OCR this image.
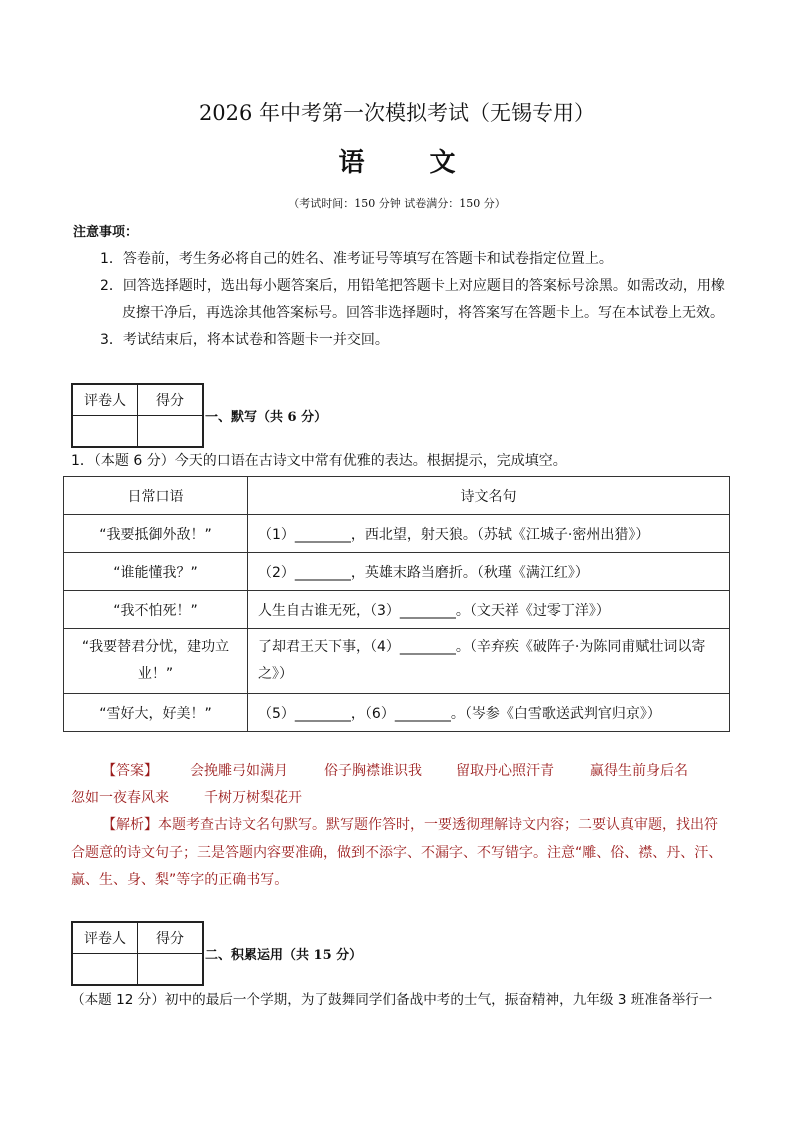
2026 年中考第一次模拟考试（无锡专用）
语 文
（考试时间：150 分钟 试卷满分：150 分）
注意事项：
1．答卷前，考生务必将自己的姓名、准考证号等填写在答题卡和试卷指定位置上。
2．回答选择题时，选出每小题答案后，用铅笔把答题卡上对应题目的答案标号涂黑。如需改动，用橡
皮擦干净后，再选涂其他答案标号。回答非选择题时，将答案写在答题卡上。写在本试卷上无效。
3．考试结束后，将本试卷和答题卡一并交回。
评卷人	得分

一、默写（共 6 分）
1．（本题 6 分）今天的口语在古诗文中常有优雅的表达。根据提示，完成填空。
日常口语	诗文名句
“我要抵御外敌！”	（1）________，西北望，射天狼。（苏轼《江城子·密州出猎》）
“谁能懂我？”	（2）________，英雄末路当磨折。（秋瑾《满江红》）
“我不怕死！”	人生自古谁无死，（3）________。（文天祥《过零丁洋》）
“我要替君分忧，建功立业！”	了却君王天下事，（4）________。（辛弃疾《破阵子·为陈同甫赋壮词以寄之》）
“雪好大，好美！”	（5）________，（6）________。（岑参《白雪歌送武判官归京》）
【答案】 会挽雕弓如满月	俗子胸襟谁识我 留取丹心照汗青	赢得生前身后名
忽如一夜春风来	千树万树梨花开
【解析】 本题考查古诗文名句默写。默写题作答时，一要透彻理解诗文内容；二要认真审题，找出符
合题意的诗文句子；三是答题内容要准确，做到不添字、不漏字、不写错字。注意“雕、俗、襟、丹、汗、
赢、生、身、梨”等字的正确书写。
评卷人	得分

二、积累运用（共 15 分）
（本题 12 分）初中的最后一个学期，为了鼓舞同学们备战中考的士气，振奋精神，九年级 3 班准备举行一
